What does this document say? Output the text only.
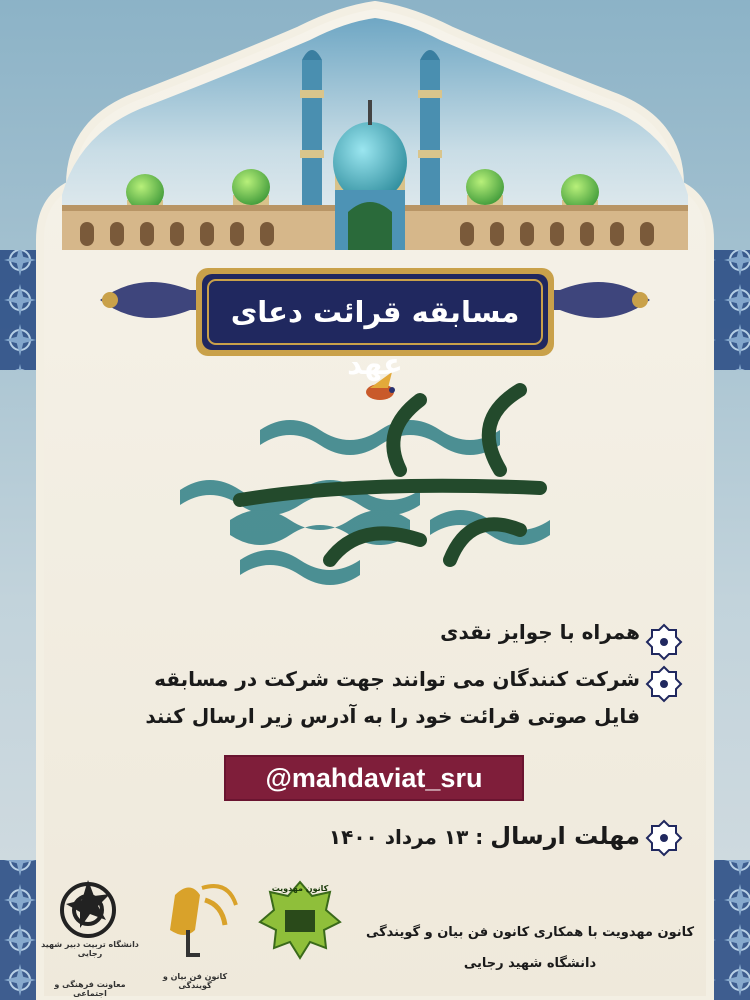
مسابقه قرائت دعای عهد
همراه با جوایز نقدی
شرکت کنندگان می توانند جهت شرکت در مسابقه
فایل صوتی قرائت خود را به آدرس زیر ارسال کنند
@mahdaviat_sru
مهلت ارسال : ۱۳ مرداد ۱۴۰۰
کانون مهدویت با همکاری کانون فن بیان و گویندگی
دانشگاه شهید رجایی
دانشگاه تربیت دبیر شهید رجایی
معاونت فرهنگی و اجتماعی
کانون فن بیان و گویندگی
کانون مهدویت
